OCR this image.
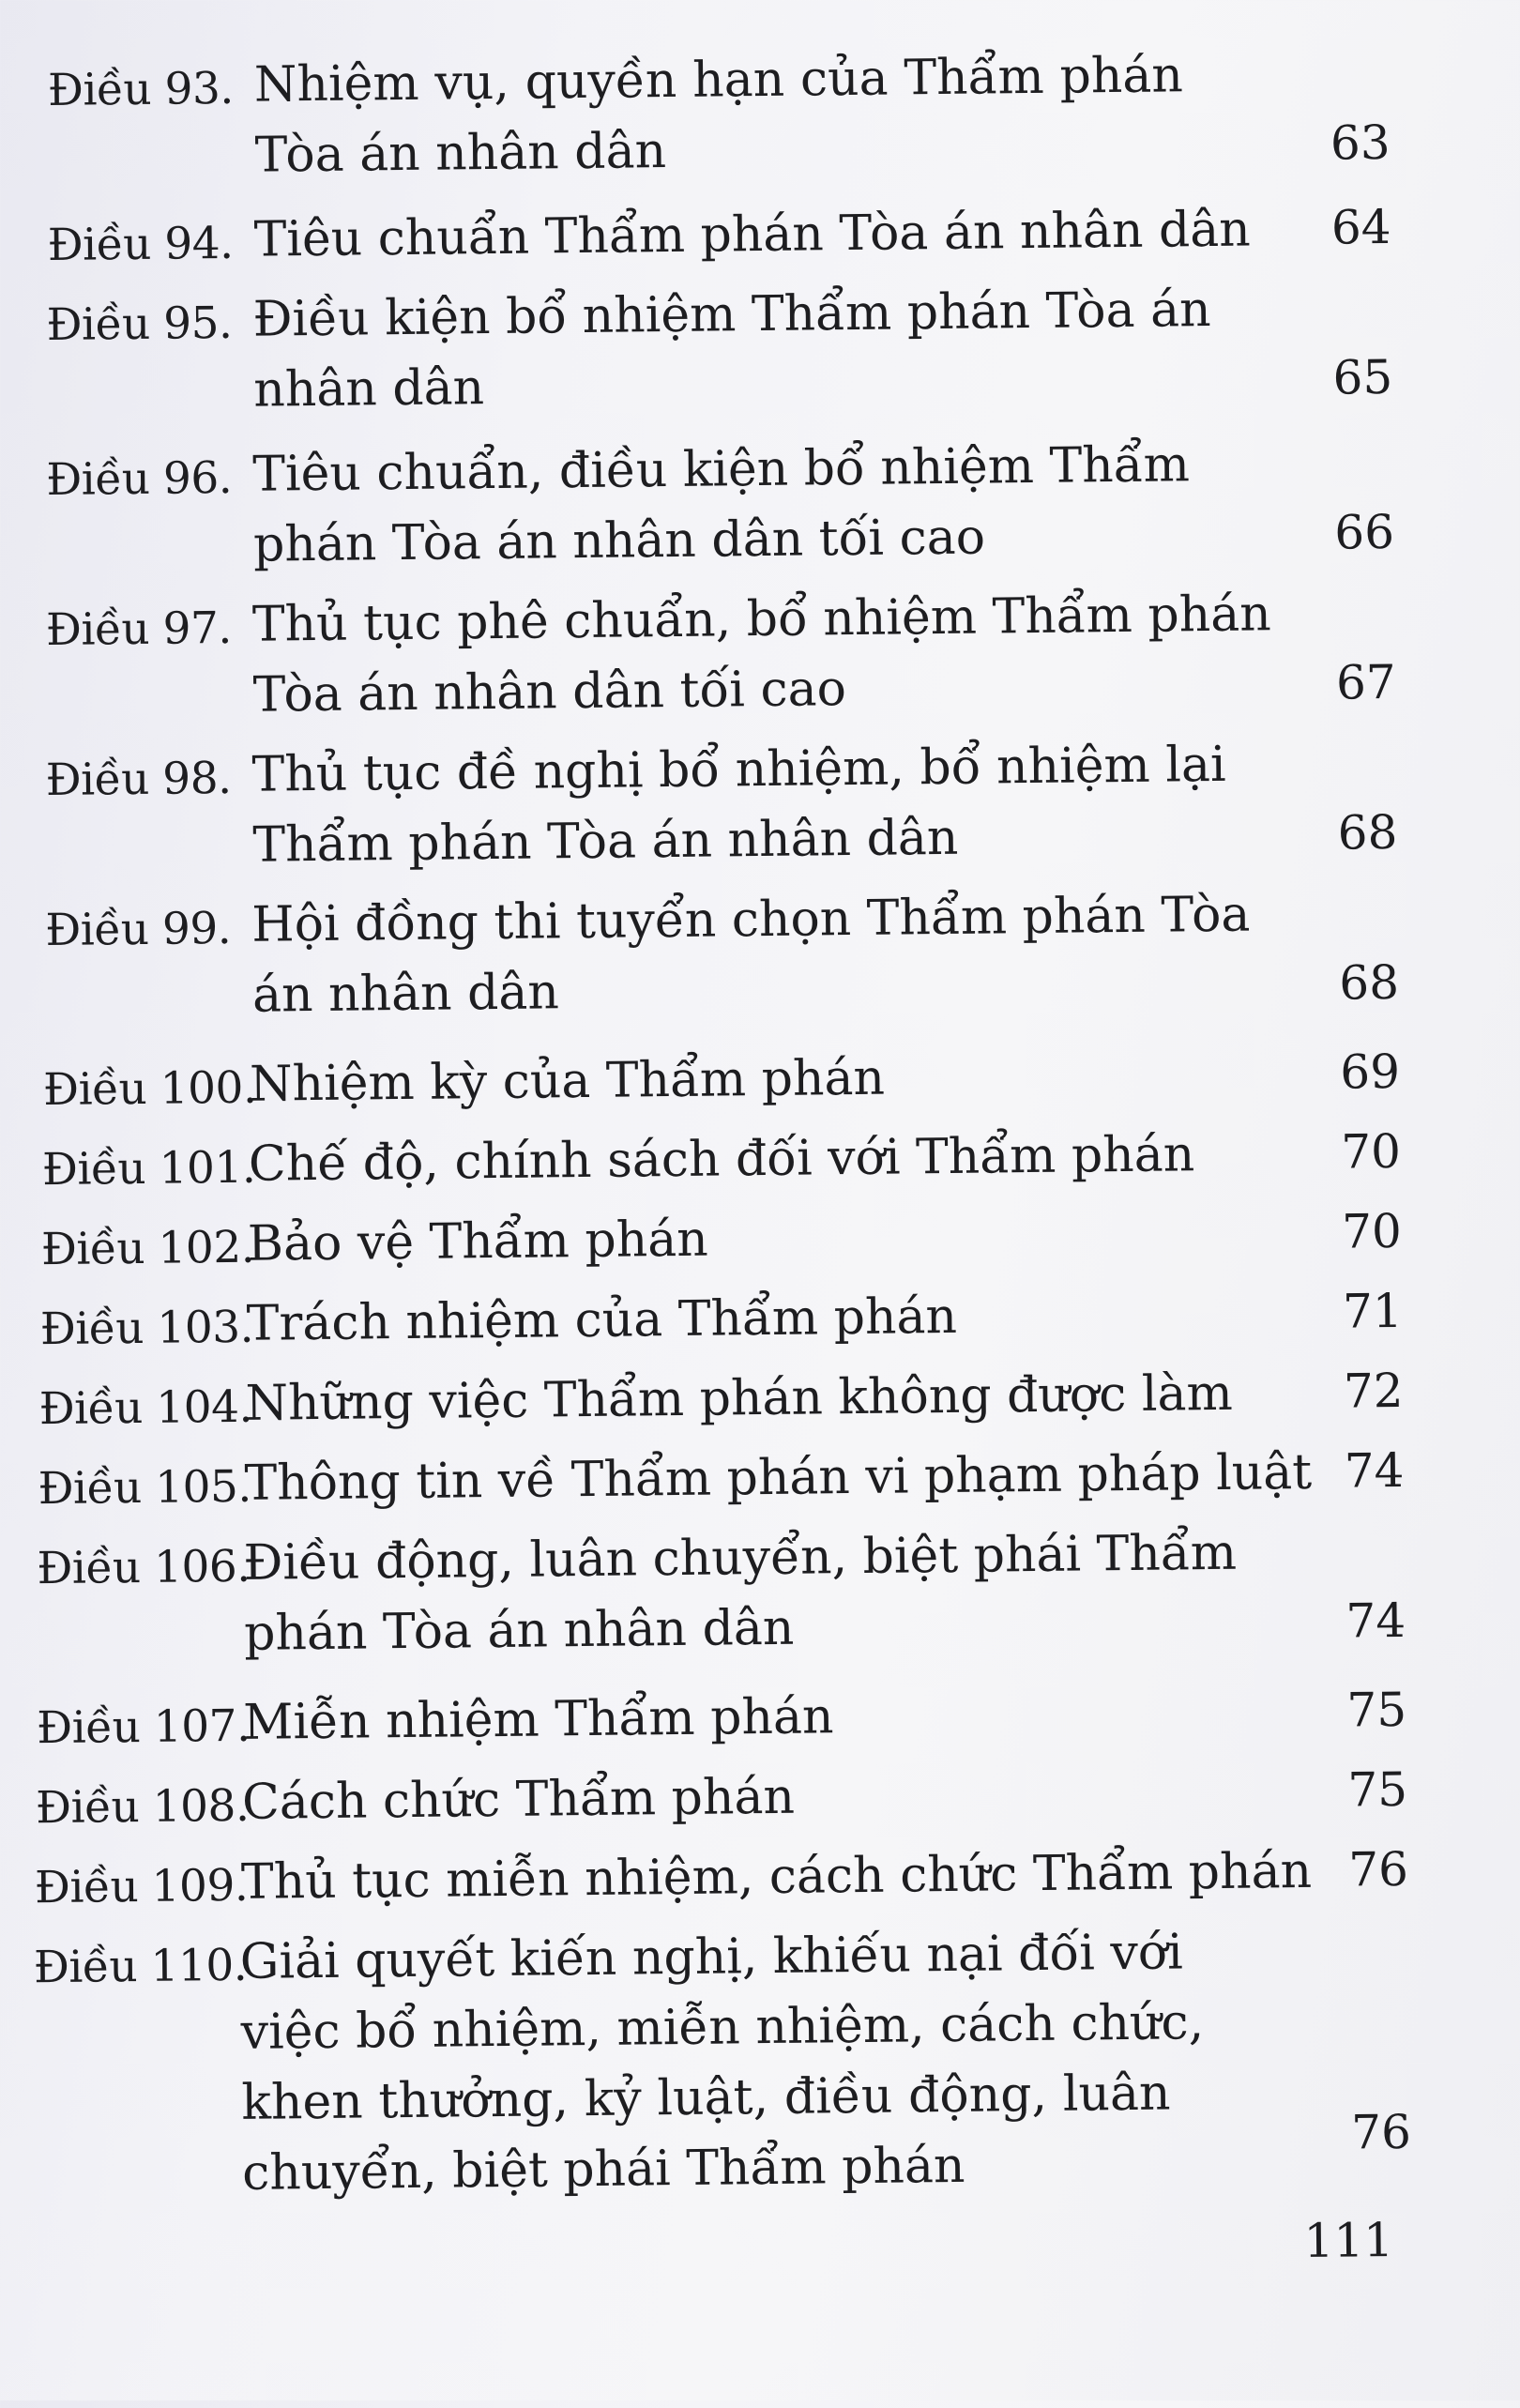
Điều 93. Nhiệm vụ, quyền hạn của Thẩm phán
Tòa án nhân dân	63
Điều 94. Tiêu chuẩn Thẩm phán Tòa án nhân dân	64
Điều 95. Điều kiện bổ nhiệm Thẩm phán Tòa án
nhân dân	65
Điều 96. Tiêu chuẩn, điều kiện bổ nhiệm Thẩm
phán Tòa án nhân dân tối cao	66
Điều 97. Thủ tục phê chuẩn, bổ nhiệm Thẩm phán
Tòa án nhân dân tối cao	67
Điều 98. Thủ tục đề nghị bổ nhiệm, bổ nhiệm lại
Thẩm phán Tòa án nhân dân	68
Điều 99. Hội đồng thi tuyển chọn Thẩm phán Tòa
án nhân dân	68
Điều 100.
Nhiệm kỳ của Thẩm phán	69
Điều 101.
Chế độ, chính sách đối với Thẩm phán	70
Điều 102.
Bảo vệ Thẩm phán	70
Điều 103.
Trách nhiệm của Thẩm phán	71
Điều 104.
Những việc Thẩm phán không được làm	72
Điều 105.
Thông tin về Thẩm phán vi phạm pháp luật 74
Điều 106.
Điều động, luân chuyển, biệt phái Thẩm
phán Tòa án nhân dân	74
Điều 107.
Miễn nhiệm Thẩm phán	75
Điều 108.
Cách chức Thẩm phán	75
Điều 109.
Thủ tục miễn nhiệm, cách chức Thẩm phán 76
Điều 110.
Giải quyết kiến nghị, khiếu nại đối với
việc bổ nhiệm, miễn nhiệm, cách chức,
khen thưởng, kỷ luật, điều động, luân
chuyển, biệt phái Thẩm phán
76
111
